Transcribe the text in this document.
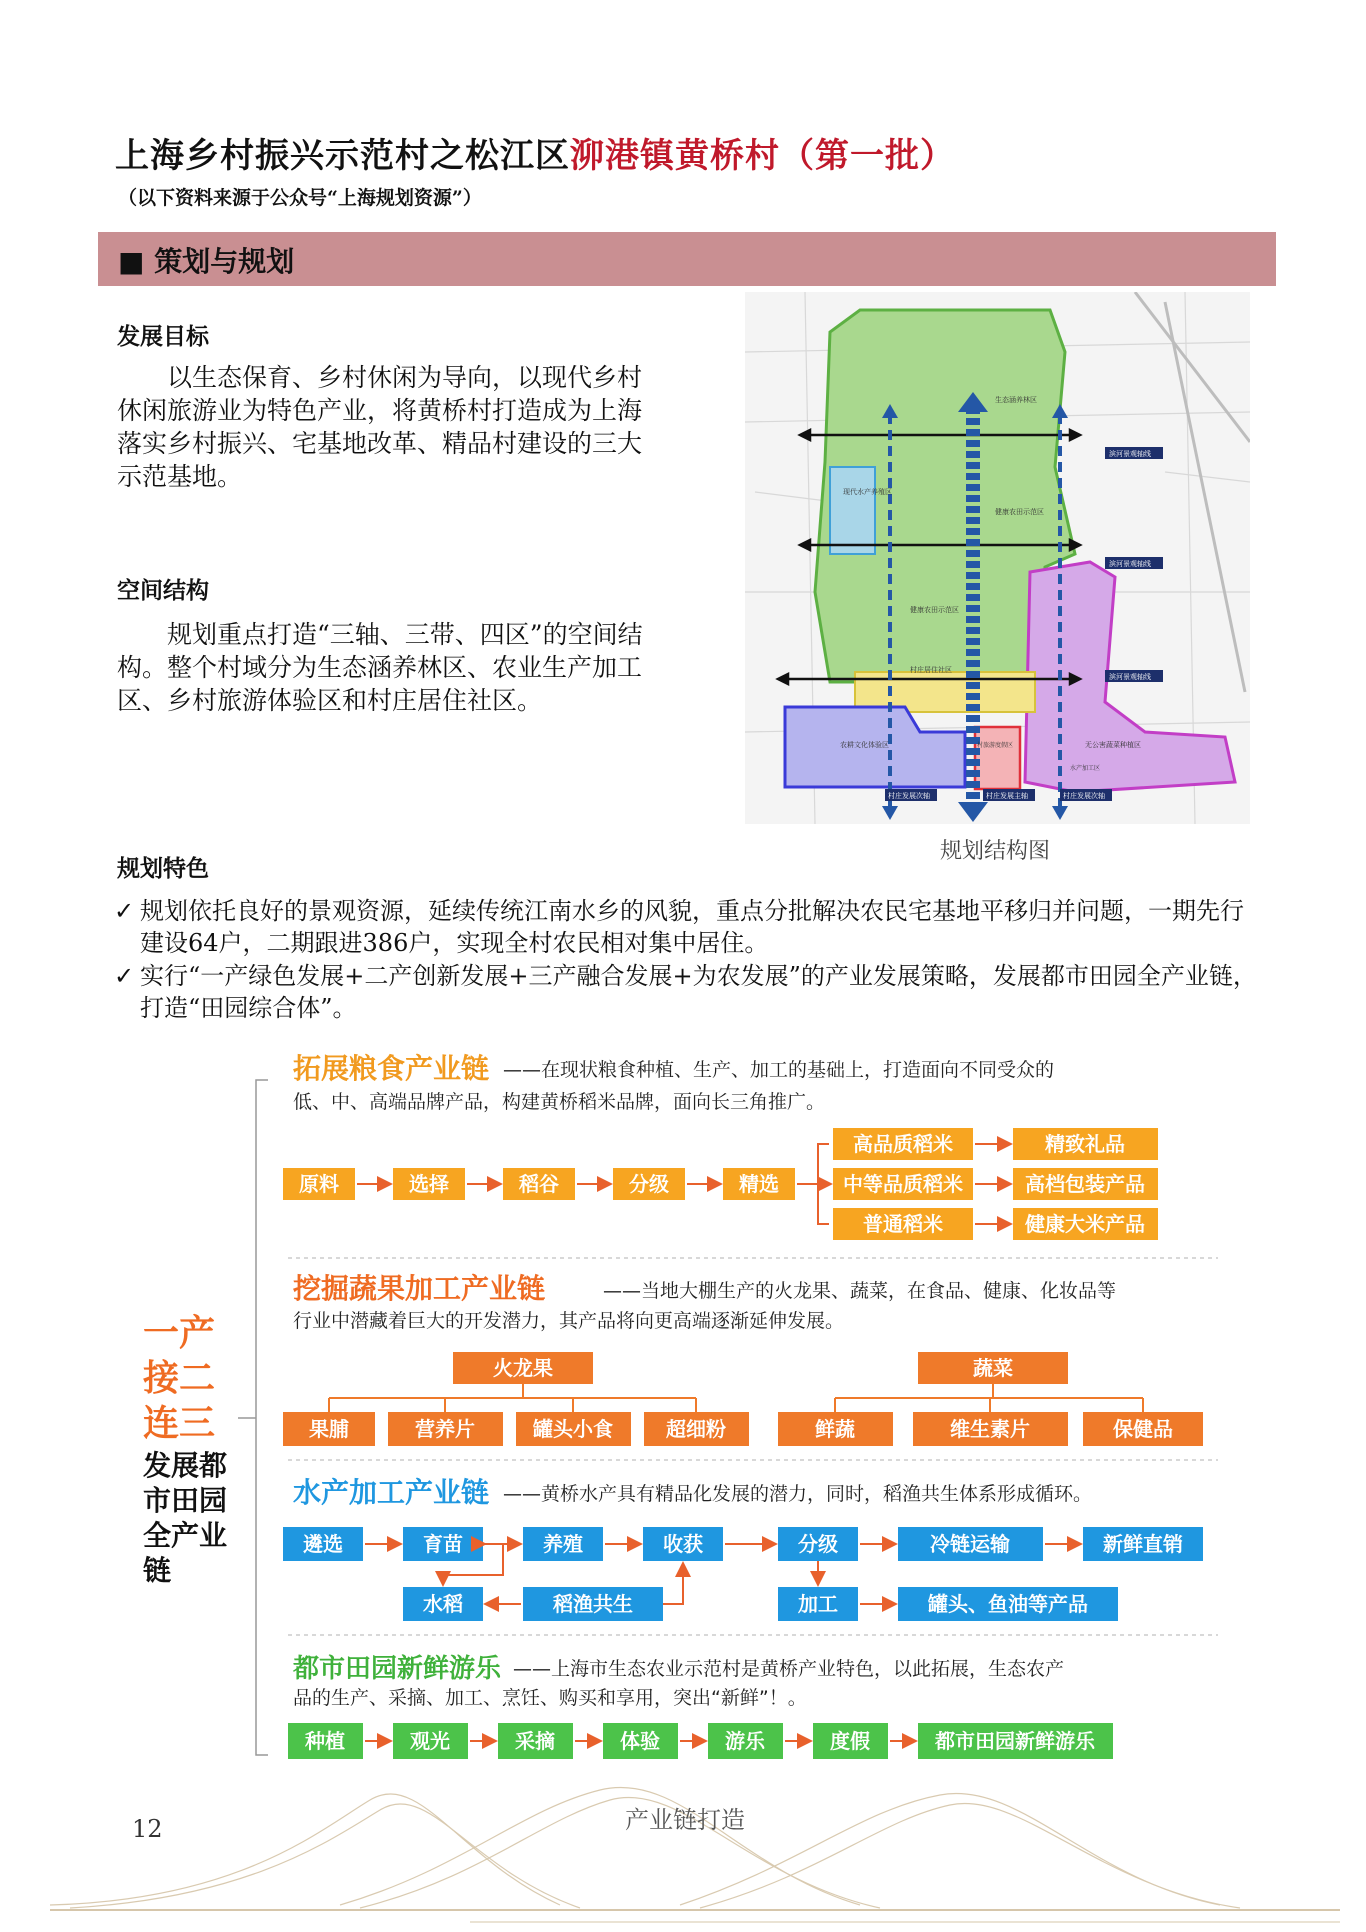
上海乡村振兴示范村之松江区泖港镇黄桥村（第一批）
（以下资料来源于公众号“上海规划资源”）
■ 策划与规划
发展目标

以生态保育、乡村休闲为导向，以现代乡村休闲旅游业为特色产业，将黄桥村打造成为上海落实乡村振兴、宅基地改革、精品村建设的三大示范基地。

空间结构

规划重点打造“三轴、三带、四区”的空间结构。整个村域分为生态涵养林区、农业生产加工区、乡村旅游体验区和村庄居住社区。

生态涵养林区
现代水产养殖区
健康农田示范区
健康农田示范区
村庄居住社区
农耕文化体验区	村旅游度假区	无公害蔬菜种植区
水产加工区
滨河景观轴线
滨河景观轴线
滨河景观轴线
村庄发展次轴	村庄发展主轴	村庄发展次轴
规划结构图
规划特色
✓ 规划依托良好的景观资源，延续传统江南水乡的风貌，重点分批解决农民宅基地平移归并问题，一期先行建设64户，二期跟进386户，实现全村农民相对集中居住。
✓ 实行“一产绿色发展+二产创新发展+三产融合发展+为农发展”的产业发展策略，发展都市田园全产业链，打造“田园综合体”。
一产
接二
连三
发展都
市田园
全产业
链
拓展粮食产业链 ——在现状粮食种植、生产、加工的基础上，打造面向不同受众的
低、中、高端品牌产品，构建黄桥稻米品牌，面向长三角推广。
原料	选择	稻谷	分级	精选
高品质稻米
中等品质稻米
普通稻米
精致礼品
高档包装产品
健康大米产品
挖掘蔬果加工产业链	——当地大棚生产的火龙果、蔬菜，在食品、健康、化妆品等
行业中潜藏着巨大的开发潜力，其产品将向更高端逐渐延伸发展。
火龙果	蔬菜
果脯	营养片	罐头小食	超细粉	鲜蔬	维生素片	保健品
水产加工产业链 ——黄桥水产具有精品化发展的潜力，同时，稻渔共生体系形成循环。
遴选	育苗	养殖	收获	分级	冷链运输	新鲜直销
水稻	稻渔共生	加工	罐头、鱼油等产品
都市田园新鲜游乐 ——上海市生态农业示范村是黄桥产业特色，以此拓展，生态农产
品的生产、采摘、加工、烹饪、购买和享用，突出“新鲜”！。
种植	观光	采摘	体验	游乐	度假	都市田园新鲜游乐
产业链打造
12
